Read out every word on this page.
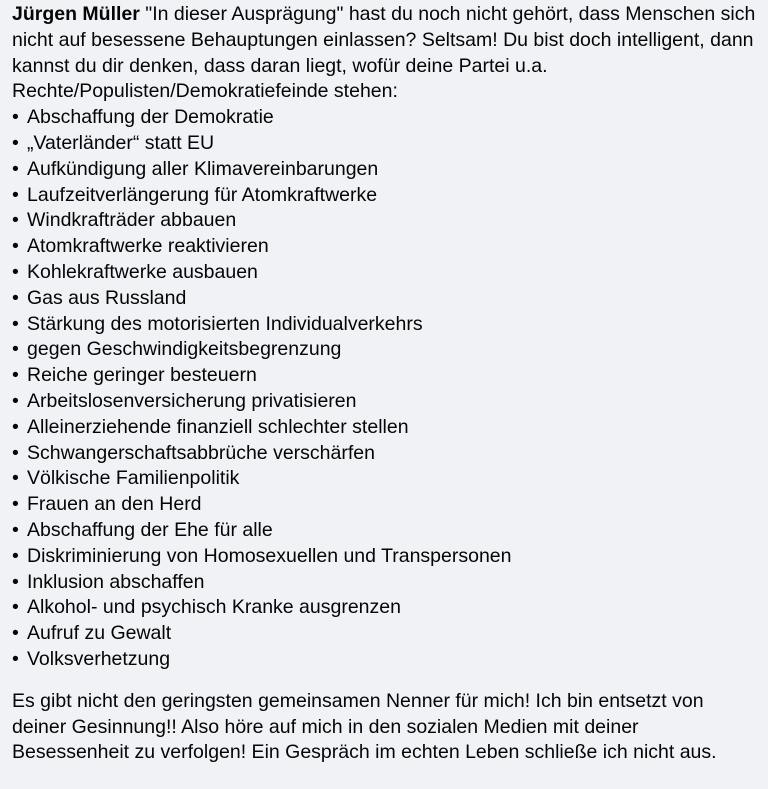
Jürgen Müller "In dieser Ausprägung" hast du noch nicht gehört, dass Menschen sich nicht auf besessene Behauptungen einlassen? Seltsam! Du bist doch intelligent, dann kannst du dir denken, dass daran liegt, wofür deine Partei u.a. Rechte/Populisten/Demokratiefeinde stehen:

• Abschaffung der Demokratie
• „Vaterländer“ statt EU
• Aufkündigung aller Klimavereinbarungen
• Laufzeitverlängerung für Atomkraftwerke
• Windkrafträder abbauen
• Atomkraftwerke reaktivieren
• Kohlekraftwerke ausbauen
• Gas aus Russland
• Stärkung des motorisierten Individualverkehrs
• gegen Geschwindigkeitsbegrenzung
• Reiche geringer besteuern
• Arbeitslosenversicherung privatisieren
• Alleinerziehende finanziell schlechter stellen
• Schwangerschaftsabbrüche verschärfen
• Völkische Familienpolitik
• Frauen an den Herd
• Abschaffung der Ehe für alle
• Diskriminierung von Homosexuellen und Transpersonen
• Inklusion abschaffen
• Alkohol- und psychisch Kranke ausgrenzen
• Aufruf zu Gewalt
• Volksverhetzung

Es gibt nicht den geringsten gemeinsamen Nenner für mich! Ich bin entsetzt von deiner Gesinnung!! Also höre auf mich in den sozialen Medien mit deiner Besessenheit zu verfolgen! Ein Gespräch im echten Leben schließe ich nicht aus.
